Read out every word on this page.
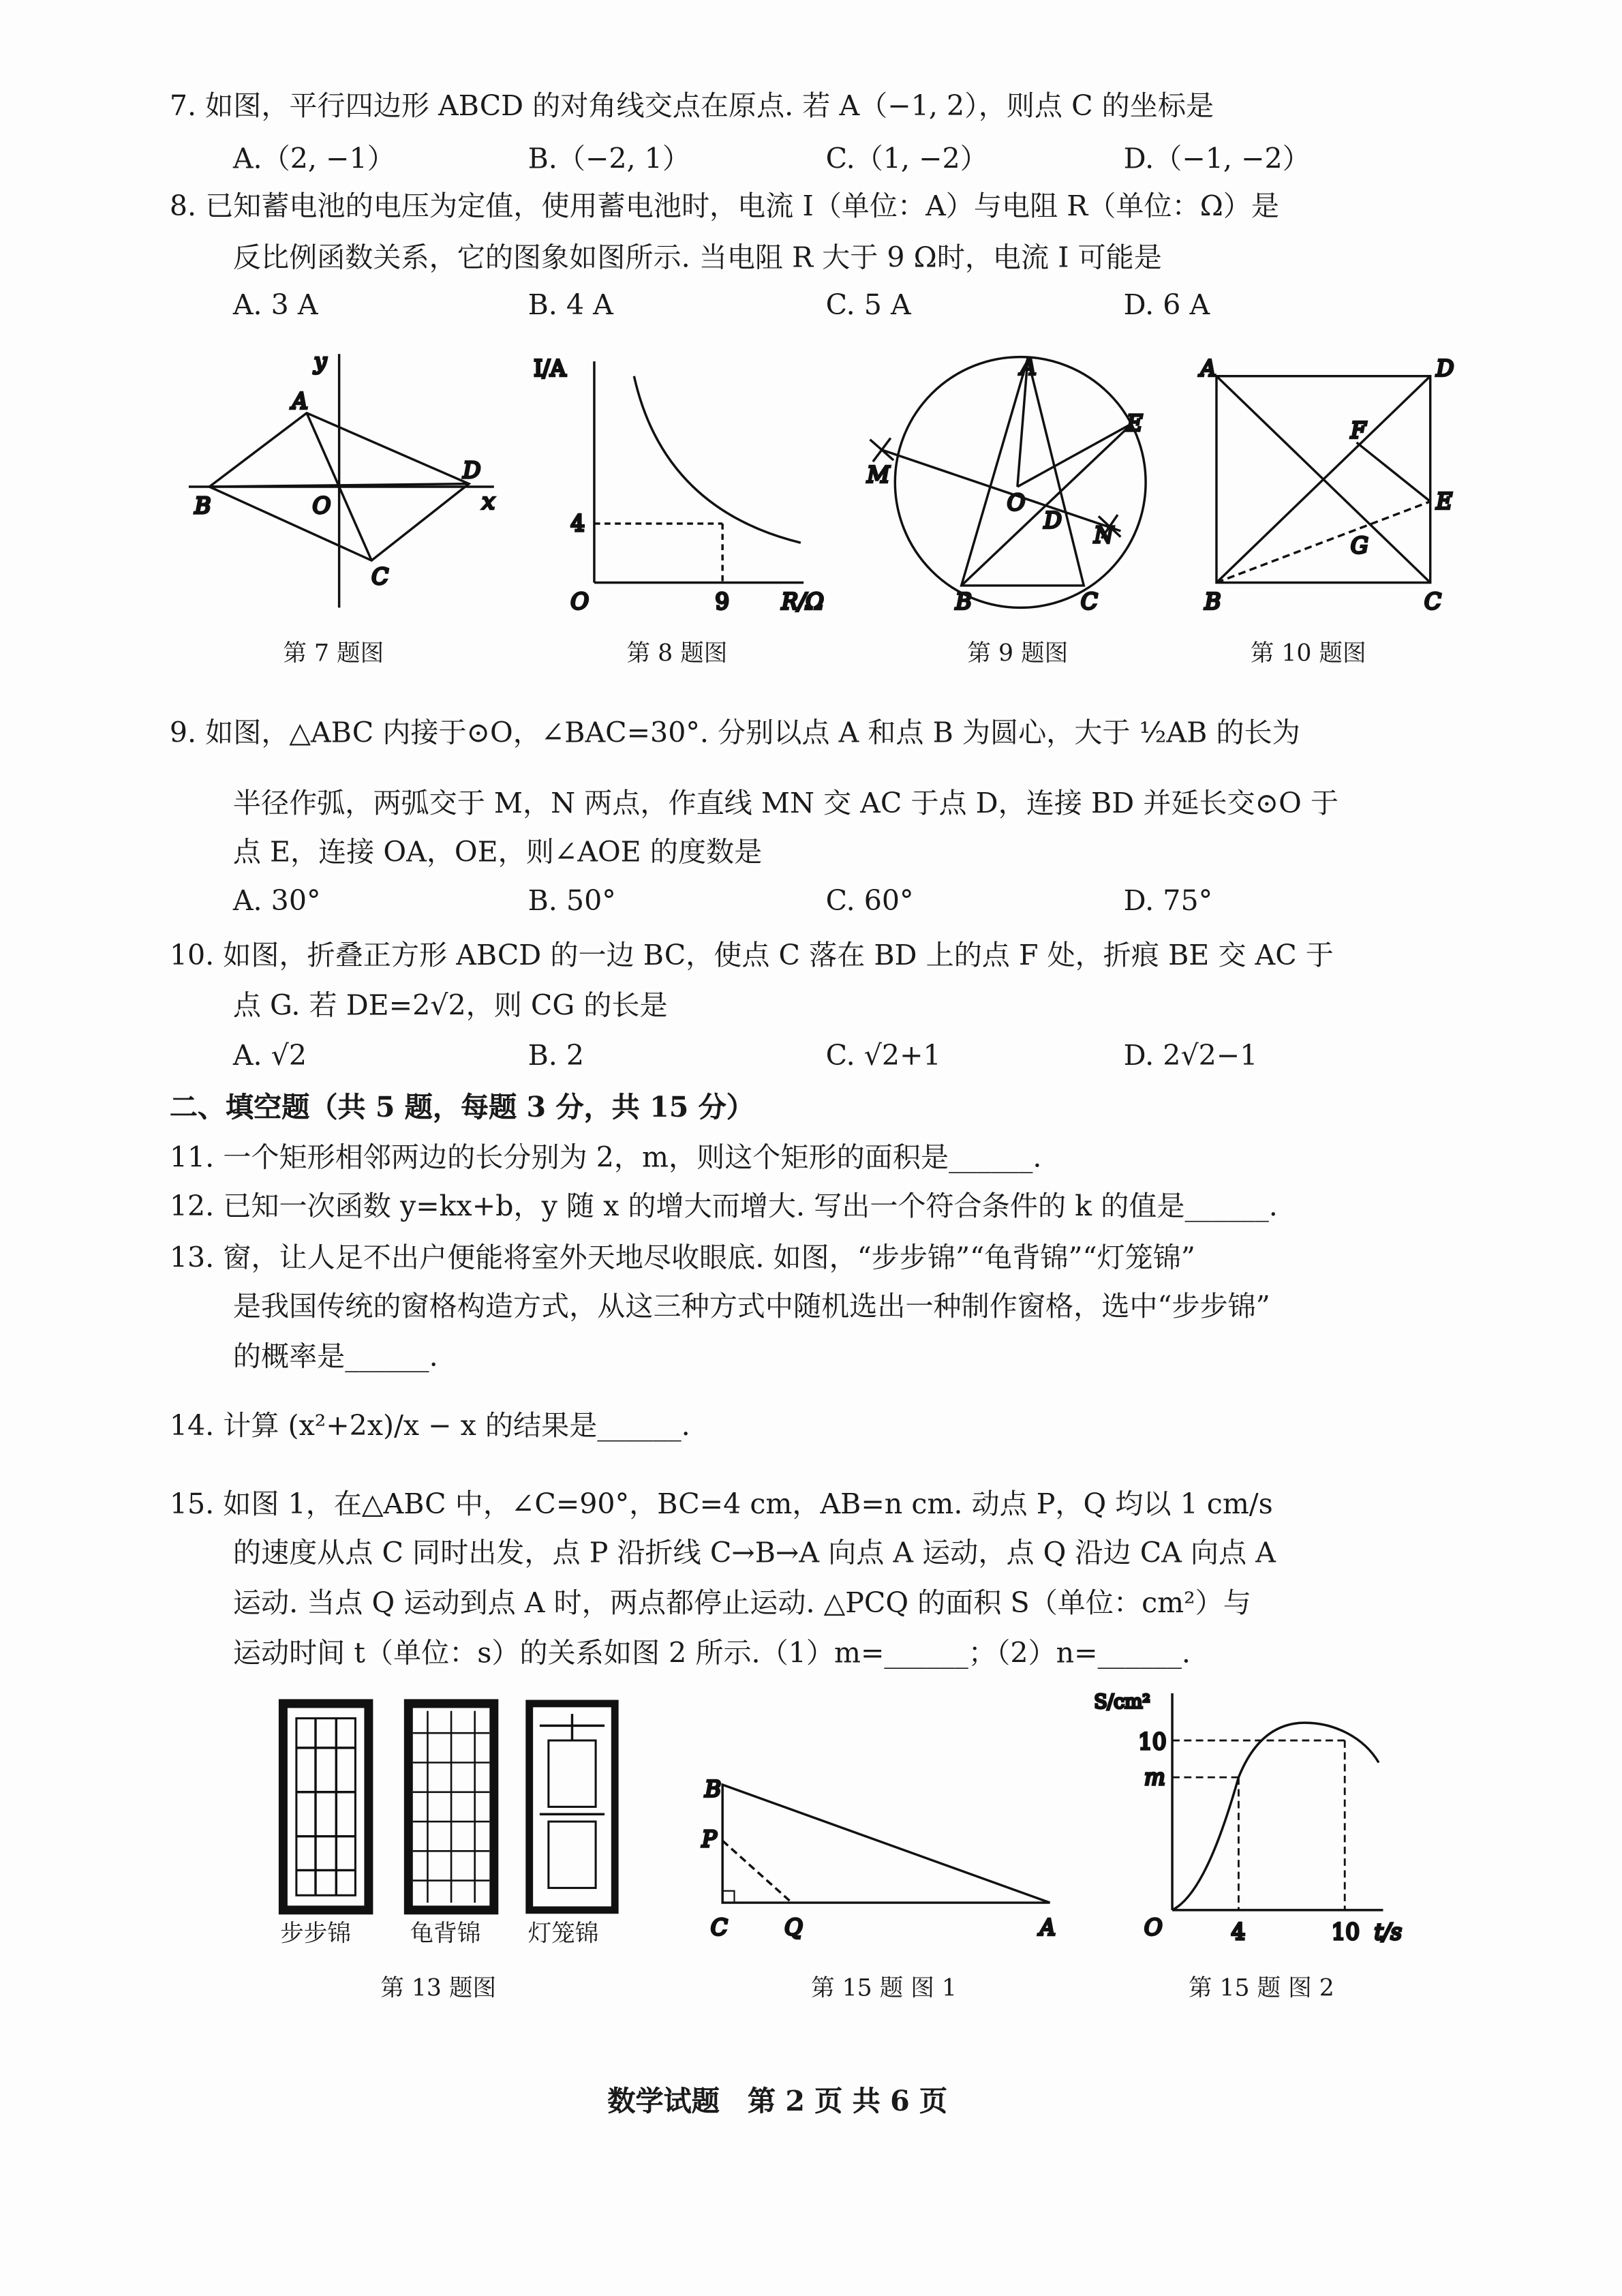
7. 如图，平行四边形 ABCD 的对角线交点在原点. 若 A（−1, 2），则点 C 的坐标是
A.（2, −1）	B.（−2, 1）	C.（1, −2）	D.（−1, −2）
8. 已知蓄电池的电压为定值，使用蓄电池时，电流 I（单位：A）与电阻 R（单位：Ω）是
反比例函数关系，它的图象如图所示. 当电阻 R 大于 9 Ω时，电流 I 可能是
A. 3 A	B. 4 A	C. 5 A	D. 6 A
y
x
A
B
C
D
O
I/A
4
O	9	R/Ω
A
B	C
D
E
O
M
N
A
B	C
D
E
F
G
第 7 题图	第 8 题图	第 9 题图	第 10 题图
9. 如图，△ABC 内接于⊙O，∠BAC=30°. 分别以点 A 和点 B 为圆心，大于 ½AB 的长为
半径作弧，两弧交于 M，N 两点，作直线 MN 交 AC 于点 D，连接 BD 并延长交⊙O 于
点 E，连接 OA，OE，则∠AOE 的度数是
A. 30°	B. 50°	C. 60°	D. 75°
10. 如图，折叠正方形 ABCD 的一边 BC，使点 C 落在 BD 上的点 F 处，折痕 BE 交 AC 于
点 G. 若 DE=2√2，则 CG 的长是
A. √2	B. 2	C. √2+1	D. 2√2−1
二、填空题（共 5 题，每题 3 分，共 15 分）
11. 一个矩形相邻两边的长分别为 2，m，则这个矩形的面积是______.
12. 已知一次函数 y=kx+b，y 随 x 的增大而增大. 写出一个符合条件的 k 的值是______.
13. 窗，让人足不出户便能将室外天地尽收眼底. 如图，“步步锦”“龟背锦”“灯笼锦”
是我国传统的窗格构造方式，从这三种方式中随机选出一种制作窗格，选中“步步锦”
的概率是______.
14. 计算 (x²+2x)/x − x 的结果是______.
15. 如图 1，在△ABC 中，∠C=90°，BC=4 cm，AB=n cm. 动点 P，Q 均以 1 cm/s
的速度从点 C 同时出发，点 P 沿折线 C→B→A 向点 A 运动，点 Q 沿边 CA 向点 A
运动. 当点 Q 运动到点 A 时，两点都停止运动. △PCQ 的面积 S（单位：cm²）与
运动时间 t（单位：s）的关系如图 2 所示.（1）m=______；（2）n=______.
B
P
C	Q	A
S/cm²
10
m
O	4	10 t/s
步步锦	龟背锦	灯笼锦
第 13 题图	第 15 题 图 1	第 15 题 图 2
数学试题　第 2 页 共 6 页
